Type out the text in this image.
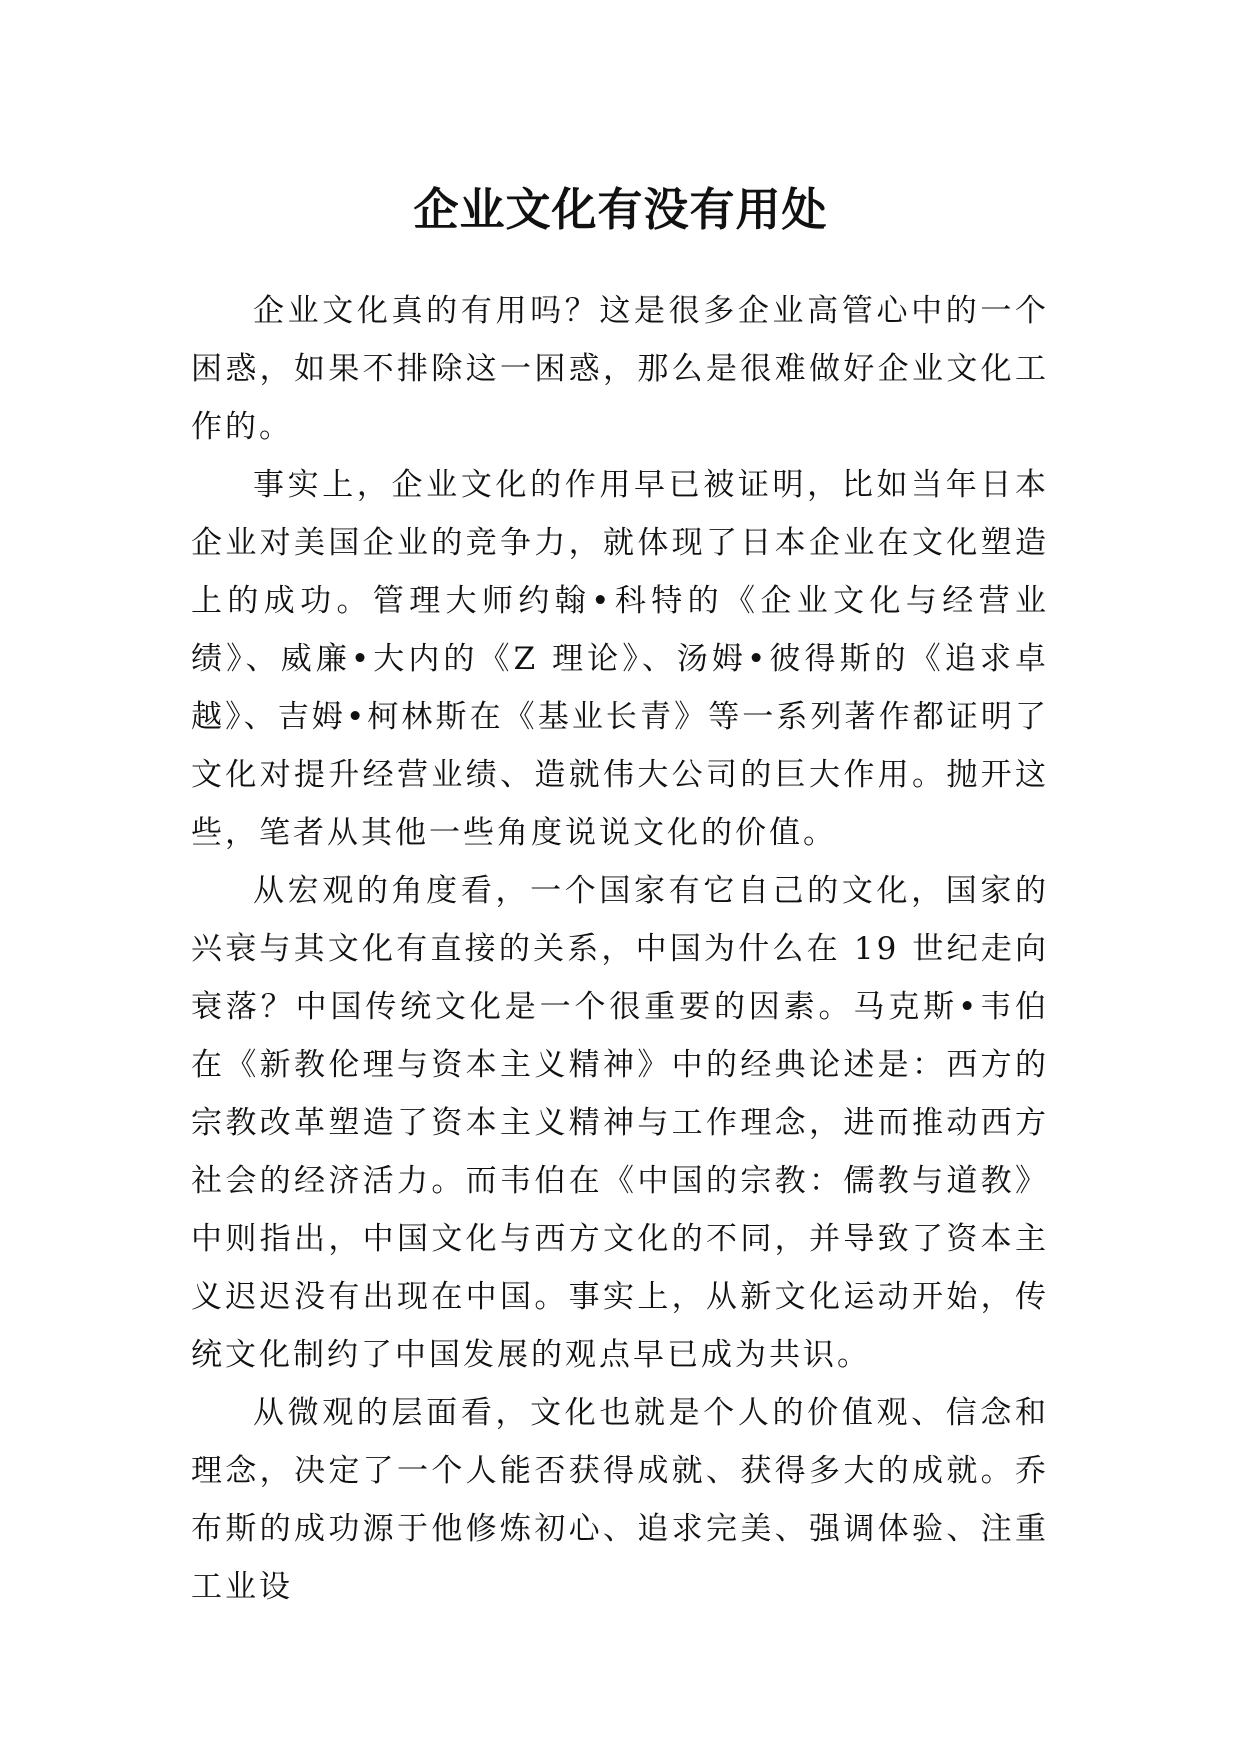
企业文化有没有用处

企业文化真的有用吗？这是很多企业高管心中的一个困惑，如果不排除这一困惑，那么是很难做好企业文化工作的。

事实上，企业文化的作用早已被证明，比如当年日本企业对美国企业的竞争力，就体现了日本企业在文化塑造上的成功。管理大师约翰•科特的《企业文化与经营业绩》、威廉•大内的《Z 理论》、汤姆•彼得斯的《追求卓越》、吉姆•柯林斯在《基业长青》等一系列著作都证明了文化对提升经营业绩、造就伟大公司的巨大作用。抛开这些，笔者从其他一些角度说说文化的价值。

从宏观的角度看，一个国家有它自己的文化，国家的兴衰与其文化有直接的关系，中国为什么在 19 世纪走向衰落？中国传统文化是一个很重要的因素。马克斯•韦伯在《新教伦理与资本主义精神》中的经典论述是：西方的宗教改革塑造了资本主义精神与工作理念，进而推动西方社会的经济活力。而韦伯在《中国的宗教：儒教与道教》中则指出，中国文化与西方文化的不同，并导致了资本主义迟迟没有出现在中国。事实上，从新文化运动开始，传统文化制约了中国发展的观点早已成为共识。

从微观的层面看，文化也就是个人的价值观、信念和理念，决定了一个人能否获得成就、获得多大的成就。乔布斯的成功源于他修炼初心、追求完美、强调体验、注重工业设
